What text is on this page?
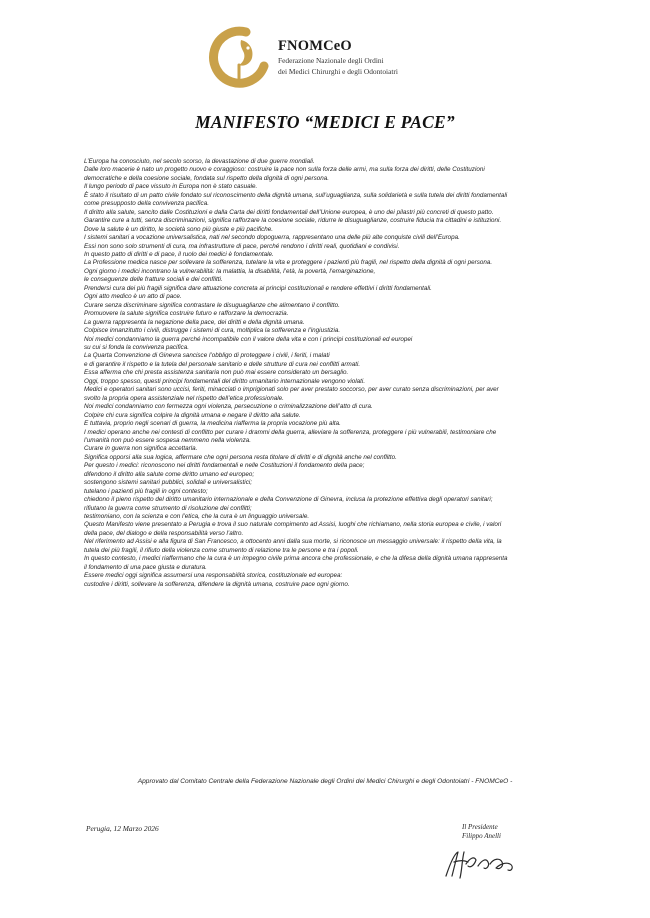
FNOMCeO
Federazione Nazionale degli Ordini
dei Medici Chirurghi e degli Odontoiatri
MANIFESTO “MEDICI E PACE”

L’Europa ha conosciuto, nel secolo scorso, la devastazione di due guerre mondiali.

Dalle loro macerie è nato un progetto nuovo e coraggioso: costruire la pace non sulla forza delle armi, ma sulla forza dei diritti, delle Costituzioni

democratiche e della coesione sociale, fondata sul rispetto della dignità di ogni persona.

Il lungo periodo di pace vissuto in Europa non è stato casuale.

È stato il risultato di un patto civile fondato sul riconoscimento della dignità umana, sull’uguaglianza, sulla solidarietà e sulla tutela dei diritti fondamentali

come presupposto della convivenza pacifica.

Il diritto alla salute, sancito dalle Costituzioni e dalla Carta dei diritti fondamentali dell’Unione europea, è uno dei pilastri più concreti di questo patto.

Garantire cure a tutti, senza discriminazioni, significa rafforzare la coesione sociale, ridurre le disuguaglianze, costruire fiducia tra cittadini e istituzioni.

Dove la salute è un diritto, le società sono più giuste e più pacifiche.

I sistemi sanitari a vocazione universalistica, nati nel secondo dopoguerra, rappresentano una delle più alte conquiste civili dell’Europa.

Essi non sono solo strumenti di cura, ma infrastrutture di pace, perché rendono i diritti reali, quotidiani e condivisi.

In questo patto di diritti e di pace, il ruolo dei medici è fondamentale.

La Professione medica nasce per sollevare la sofferenza, tutelare la vita e proteggere i pazienti più fragili, nel rispetto della dignità di ogni persona.

Ogni giorno i medici incontrano la vulnerabilità: la malattia, la disabilità, l’età, la povertà, l’emarginazione,

le conseguenze delle fratture sociali e dei conflitti.

Prendersi cura dei più fragili significa dare attuazione concreta ai principi costituzionali e rendere effettivi i diritti fondamentali.

Ogni atto medico è un atto di pace.

Curare senza discriminare significa contrastare le disuguaglianze che alimentano il conflitto.

Promuovere la salute significa costruire futuro e rafforzare la democrazia.

La guerra rappresenta la negazione della pace, dei diritti e della dignità umana.

Colpisce innanzitutto i civili, distrugge i sistemi di cura, moltiplica la sofferenza e l’ingiustizia.

Noi medici condanniamo la guerra perché incompatibile con il valore della vita e con i principi costituzionali ed europei

su cui si fonda la convivenza pacifica.

La Quarta Convenzione di Ginevra sancisce l’obbligo di proteggere i civili, i feriti, i malati

e di garantire il rispetto e la tutela del personale sanitario e delle strutture di cura nei conflitti armati.

Essa afferma che chi presta assistenza sanitaria non può mai essere considerato un bersaglio.

Oggi, troppo spesso, questi principi fondamentali del diritto umanitario internazionale vengono violati.

Medici e operatori sanitari sono uccisi, feriti, minacciati o imprigionati solo per aver prestato soccorso, per aver curato senza discriminazioni, per aver

svolto la propria opera assistenziale nel rispetto dell’etica professionale.

Noi medici condanniamo con fermezza ogni violenza, persecuzione o criminalizzazione dell’atto di cura.

Colpire chi cura significa colpire la dignità umana e negare il diritto alla salute.

E tuttavia, proprio negli scenari di guerra, la medicina riafferma la propria vocazione più alta.

I medici operano anche nei contesti di conflitto per curare i drammi della guerra, alleviare la sofferenza, proteggere i più vulnerabili, testimoniare che

l’umanità non può essere sospesa nemmeno nella violenza.

Curare in guerra non significa accettarla.

Significa opporsi alla sua logica, affermare che ogni persona resta titolare di diritti e di dignità anche nel conflitto.

Per questo i medici: riconoscono nei diritti fondamentali e nelle Costituzioni il fondamento della pace;

difendono il diritto alla salute come diritto umano ed europeo;

sostengono sistemi sanitari pubblici, solidali e universalistici;

tutelano i pazienti più fragili in ogni contesto;

chiedono il pieno rispetto del diritto umanitario internazionale e della Convenzione di Ginevra, inclusa la protezione effettiva degli operatori sanitari;

rifiutano la guerra come strumento di risoluzione dei conflitti;

testimoniano, con la scienza e con l’etica, che la cura è un linguaggio universale.

Questo Manifesto viene presentato a Perugia e trova il suo naturale compimento ad Assisi, luoghi che richiamano, nella storia europea e civile, i valori

della pace, del dialogo e della responsabilità verso l’altro.

Nel riferimento ad Assisi e alla figura di San Francesco, a ottocento anni dalla sua morte, si riconosce un messaggio universale: il rispetto della vita, la

tutela dei più fragili, il rifiuto della violenza come strumento di relazione tra le persone e tra i popoli.

In questo contesto, i medici riaffermano che la cura è un impegno civile prima ancora che professionale, e che la difesa della dignità umana rappresenta

il fondamento di una pace giusta e duratura.

Essere medici oggi significa assumersi una responsabilità storica, costituzionale ed europea:

custodire i diritti, sollevare la sofferenza, difendere la dignità umana, costruire pace ogni giorno.

Approvato dal Comitato Centrale della Federazione Nazionale degli Ordini dei Medici Chirurghi e degli Odontoiatri - FNOMCeO -
Perugia, 12 Marzo 2026	Il Presidente
Filippo Anelli
